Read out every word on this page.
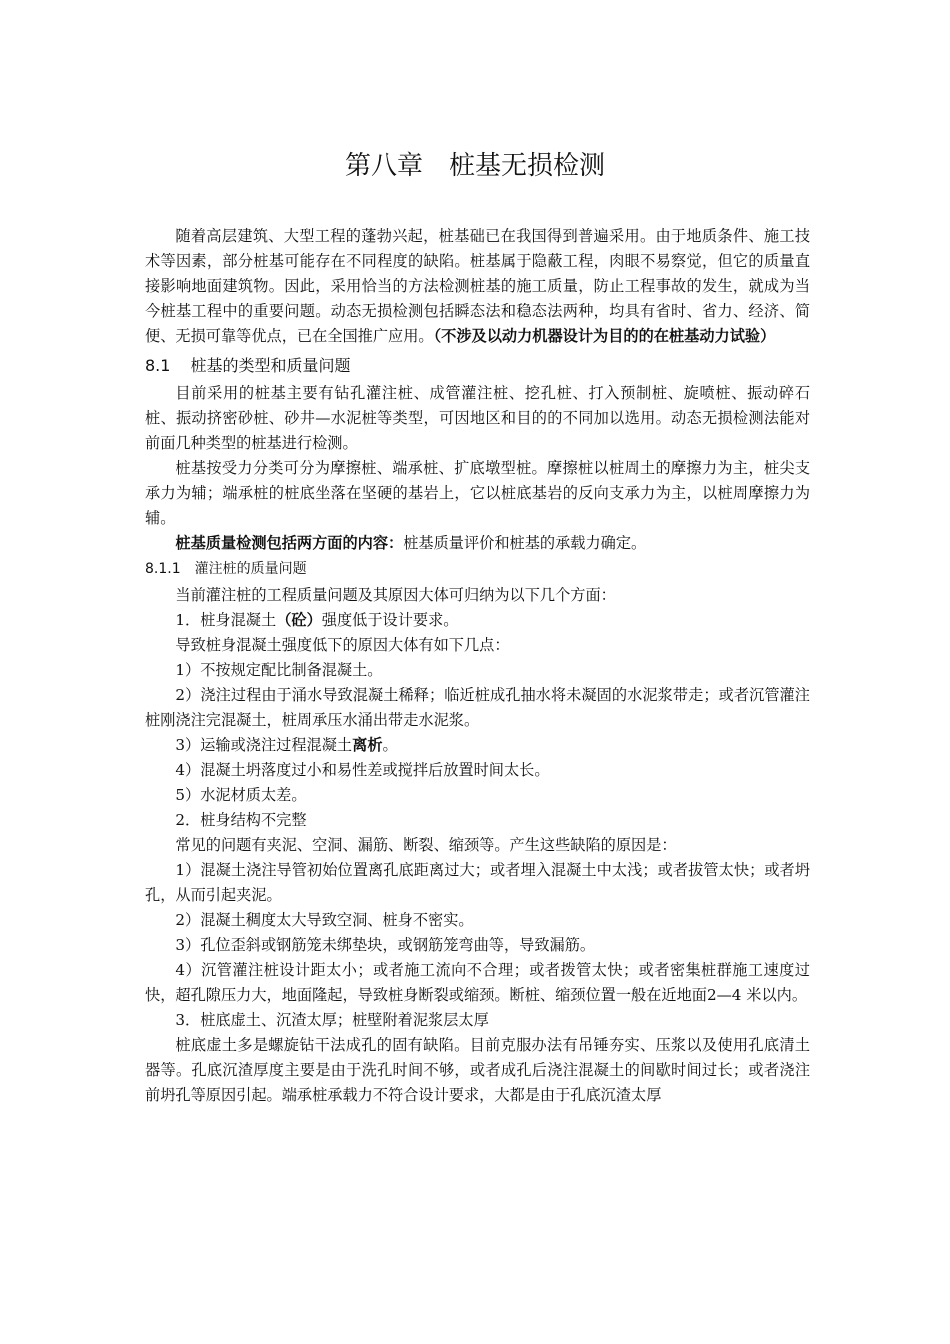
第八章　桩基无损检测

随着高层建筑、大型工程的蓬勃兴起，桩基础已在我国得到普遍采用。由于地质条件、施工技术等因素，部分桩基可能存在不同程度的缺陷。桩基属于隐蔽工程，肉眼不易察觉，但它的质量直接影响地面建筑物。因此，采用恰当的方法检测桩基的施工质量，防止工程事故的发生，就成为当今桩基工程中的重要问题。动态无损检测包括瞬态法和稳态法两种，均具有省时、省力、经济、简便、无损可靠等优点，已在全国推广应用。（不涉及以动力机器设计为目的的在桩基动力试验）

8.1 桩基的类型和质量问题

目前采用的桩基主要有钻孔灌注桩、成管灌注桩、挖孔桩、打入预制桩、旋喷桩、振动碎石桩、振动挤密砂桩、砂井—水泥桩等类型，可因地区和目的的不同加以选用。动态无损检测法能对前面几种类型的桩基进行检测。

桩基按受力分类可分为摩擦桩、端承桩、扩底墩型桩。摩擦桩以桩周土的摩擦力为主，桩尖支承力为辅；端承桩的桩底坐落在坚硬的基岩上，它以桩底基岩的反向支承力为主，以桩周摩擦力为辅。

桩基质量检测包括两方面的内容：桩基质量评价和桩基的承载力确定。

8.1.1 灌注桩的质量问题

当前灌注桩的工程质量问题及其原因大体可归纳为以下几个方面：

1．桩身混凝土（砼）强度低于设计要求。

导致桩身混凝土强度低下的原因大体有如下几点：

1）不按规定配比制备混凝土。

2）浇注过程由于涌水导致混凝土稀释；临近桩成孔抽水将未凝固的水泥浆带走；或者沉管灌注桩刚浇注完混凝土，桩周承压水涌出带走水泥浆。

3）运输或浇注过程混凝土离析。

4）混凝土坍落度过小和易性差或搅拌后放置时间太长。

5）水泥材质太差。

2．桩身结构不完整

常见的问题有夹泥、空洞、漏筋、断裂、缩颈等。产生这些缺陷的原因是：

1）混凝土浇注导管初始位置离孔底距离过大；或者埋入混凝土中太浅；或者拔管太快；或者坍孔，从而引起夹泥。

2）混凝土稠度太大导致空洞、桩身不密实。

3）孔位歪斜或钢筋笼未绑垫块，或钢筋笼弯曲等，导致漏筋。

4）沉管灌注桩设计距太小；或者施工流向不合理；或者拨管太快；或者密集桩群施工速度过快，超孔隙压力大，地面隆起，导致桩身断裂或缩颈。断桩、缩颈位置一般在近地面2—4 米以内。

3．桩底虚土、沉渣太厚；桩壁附着泥浆层太厚

桩底虚土多是螺旋钻干法成孔的固有缺陷。目前克服办法有吊锤夯实、压浆以及使用孔底清土器等。孔底沉渣厚度主要是由于洗孔时间不够，或者成孔后浇注混凝土的间歇时间过长；或者浇注前坍孔等原因引起。端承桩承载力不符合设计要求，大都是由于孔底沉渣太厚
